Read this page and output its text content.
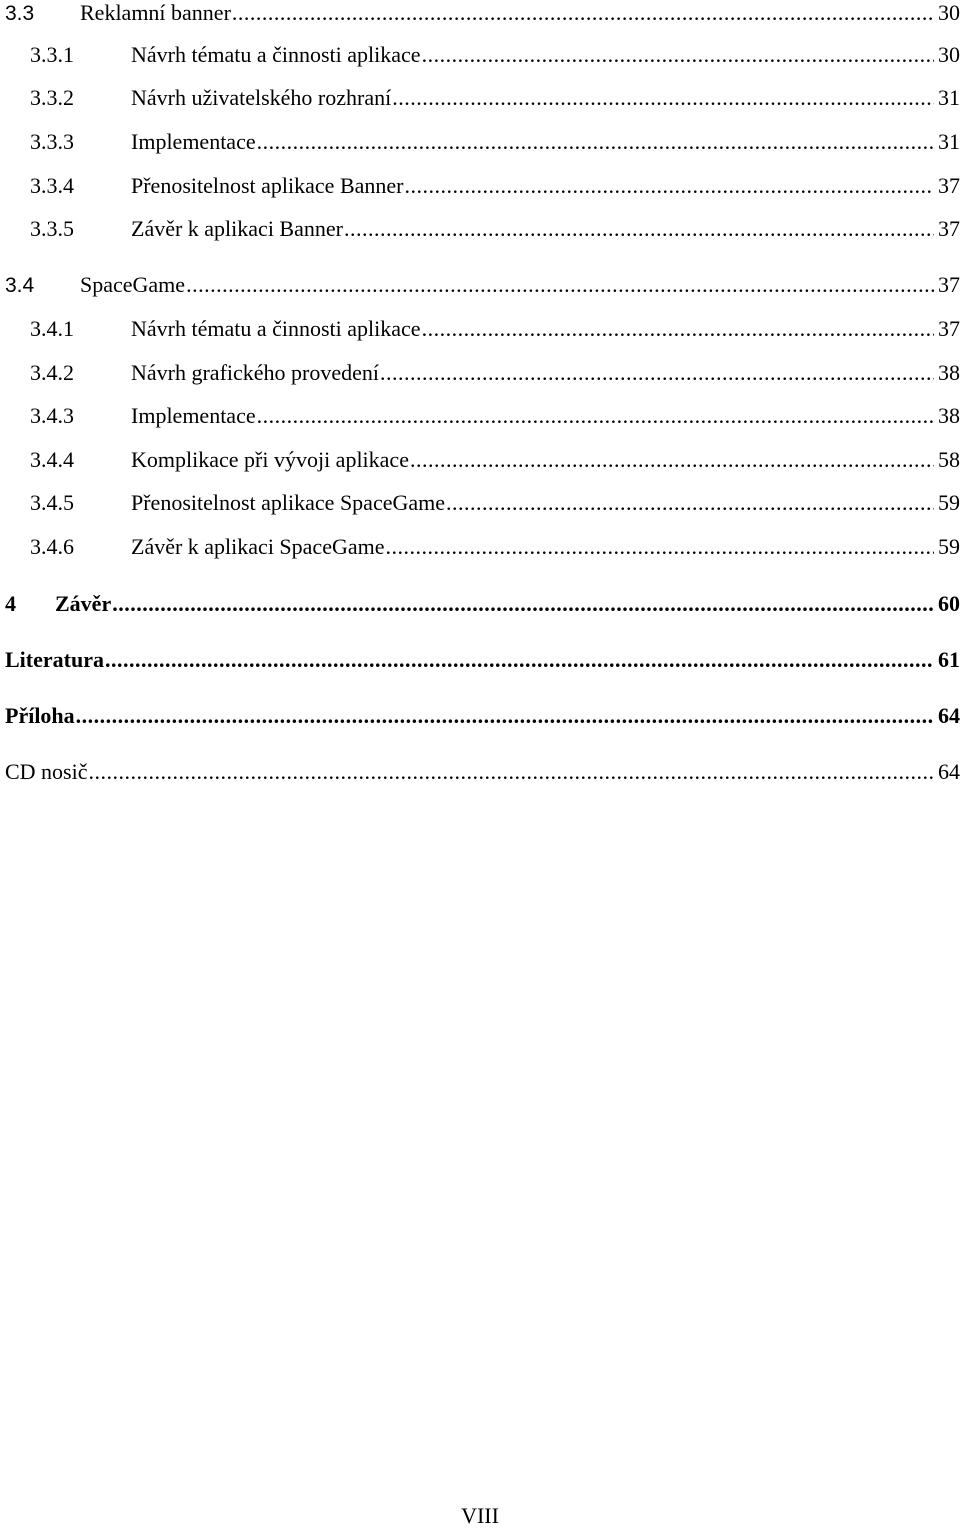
3.3	Reklamní banner .....	30
3.3.1	Návrh tématu a činnosti aplikace .....	30
3.3.2	Návrh uživatelského rozhraní .....	31
3.3.3	Implementace .....	31
3.3.4	Přenositelnost aplikace Banner .....	37
3.3.5	Závěr k aplikaci Banner .....	37
3.4	SpaceGame .....	37
3.4.1	Návrh tématu a činnosti aplikace .....	37
3.4.2	Návrh grafického provedení .....	38
3.4.3	Implementace .....	38
3.4.4	Komplikace při vývoji aplikace .....	58
3.4.5	Přenositelnost aplikace SpaceGame .....	59
3.4.6	Závěr k aplikaci SpaceGame .....	59
4	Závěr .....	60
Literatura .....	61
Příloha .....	64
CD nosič .....	64
VIII
